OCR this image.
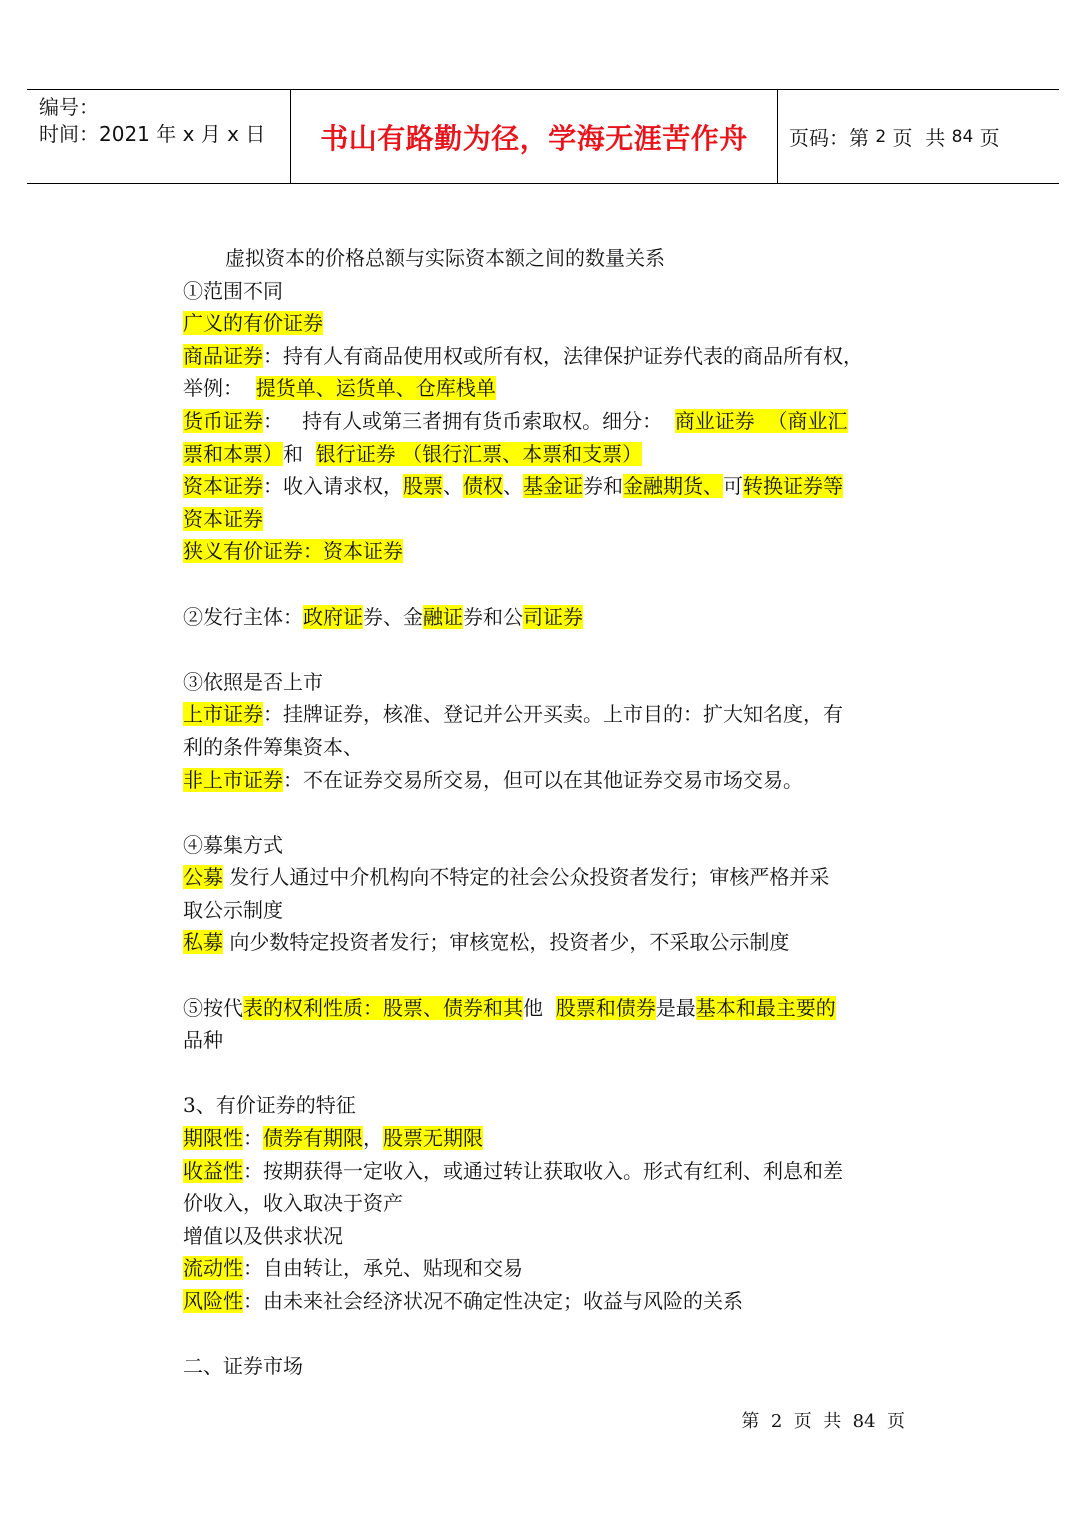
编号：
时间：2021 年 x 月 x 日	书山有路勤为径，学海无涯苦作舟	页码：第 2 页  共 84 页
虚拟资本的价格总额与实际资本额之间的数量关系
①范围不同
广义的有价证券
商品证券：持有人有商品使用权或所有权，法律保护证券代表的商品所有权，
举例：  提货单、运货单、仓库栈单
货币证券：   持有人或第三者拥有货币索取权。细分：  商业证券  （商业汇
票和本票）和  银行证券 （银行汇票、本票和支票）
资本证券：收入请求权，股票、债权、基金证券和金融期货、可转换证券等
资本证券
狭义有价证券：资本证券
②发行主体：政府证券、金融证券和公司证券
③依照是否上市
上市证券：挂牌证券，核准、登记并公开买卖。上市目的：扩大知名度，有
利的条件筹集资本、
非上市证券：不在证券交易所交易，但可以在其他证券交易市场交易。
④募集方式
公募 发行人通过中介机构向不特定的社会公众投资者发行；审核严格并采
取公示制度
私募 向少数特定投资者发行；审核宽松，投资者少，不采取公示制度
⑤按代表的权利性质：股票、债券和其他  股票和债券是最基本和最主要的
品种
3、有价证券的特征
期限性：债券有期限，股票无期限
收益性：按期获得一定收入，或通过转让获取收入。形式有红利、利息和差
价收入，收入取决于资产
增值以及供求状况
流动性：自由转让，承兑、贴现和交易
风险性：由未来社会经济状况不确定性决定；收益与风险的关系
二、证券市场
第  2  页  共  84  页
